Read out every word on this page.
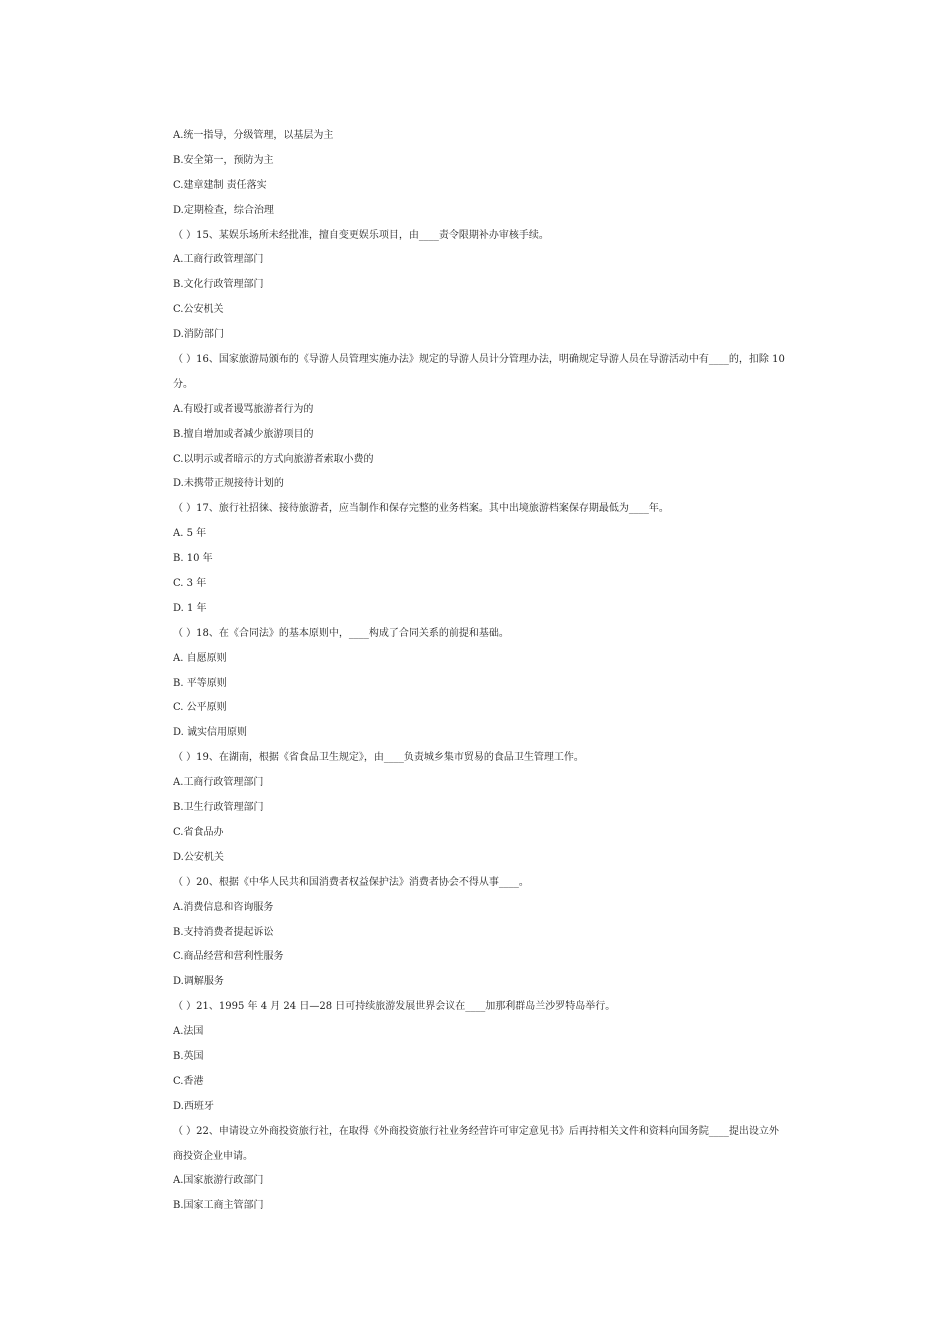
A.统一指导，分级管理，以基层为主
B.安全第一，预防为主
C.建章建制 责任落实
D.定期检查，综合治理
（ ）15、某娱乐场所未经批准，擅自变更娱乐项目，由____责令限期补办审核手续。
A.工商行政管理部门
B.文化行政管理部门
C.公安机关
D.消防部门
（ ）16、国家旅游局颁布的《导游人员管理实施办法》规定的导游人员计分管理办法，明确规定导游人员在导游活动中有____的，扣除 10
分。
A.有殴打或者谩骂旅游者行为的
B.擅自增加或者减少旅游项目的
C.以明示或者暗示的方式向旅游者索取小费的
D.未携带正规接待计划的
（ ）17、旅行社招徕、接待旅游者，应当制作和保存完整的业务档案。其中出境旅游档案保存期最低为____年。
A. 5 年
B. 10 年
C. 3 年
D. 1 年
（ ）18、在《合同法》的基本原则中，____构成了合同关系的前提和基础。
A. 自愿原则
B. 平等原则
C. 公平原则
D. 诚实信用原则
（ ）19、在湖南，根据《省食品卫生规定》，由____负责城乡集市贸易的食品卫生管理工作。
A.工商行政管理部门
B.卫生行政管理部门
C.省食品办
D.公安机关
（ ）20、根据《中华人民共和国消费者权益保护法》消费者协会不得从事____。
A.消费信息和咨询服务
B.支持消费者提起诉讼
C.商品经营和营利性服务
D.调解服务
（ ）21、1995 年 4 月 24 日—28 日可持续旅游发展世界会议在____加那利群岛兰沙罗特岛举行。
A.法国
B.英国
C.香港
D.西班牙
（ ）22、申请设立外商投资旅行社，在取得《外商投资旅行社业务经营许可审定意见书》后再持相关文件和资料向国务院____提出设立外
商投资企业申请。
A.国家旅游行政部门
B.国家工商主管部门
